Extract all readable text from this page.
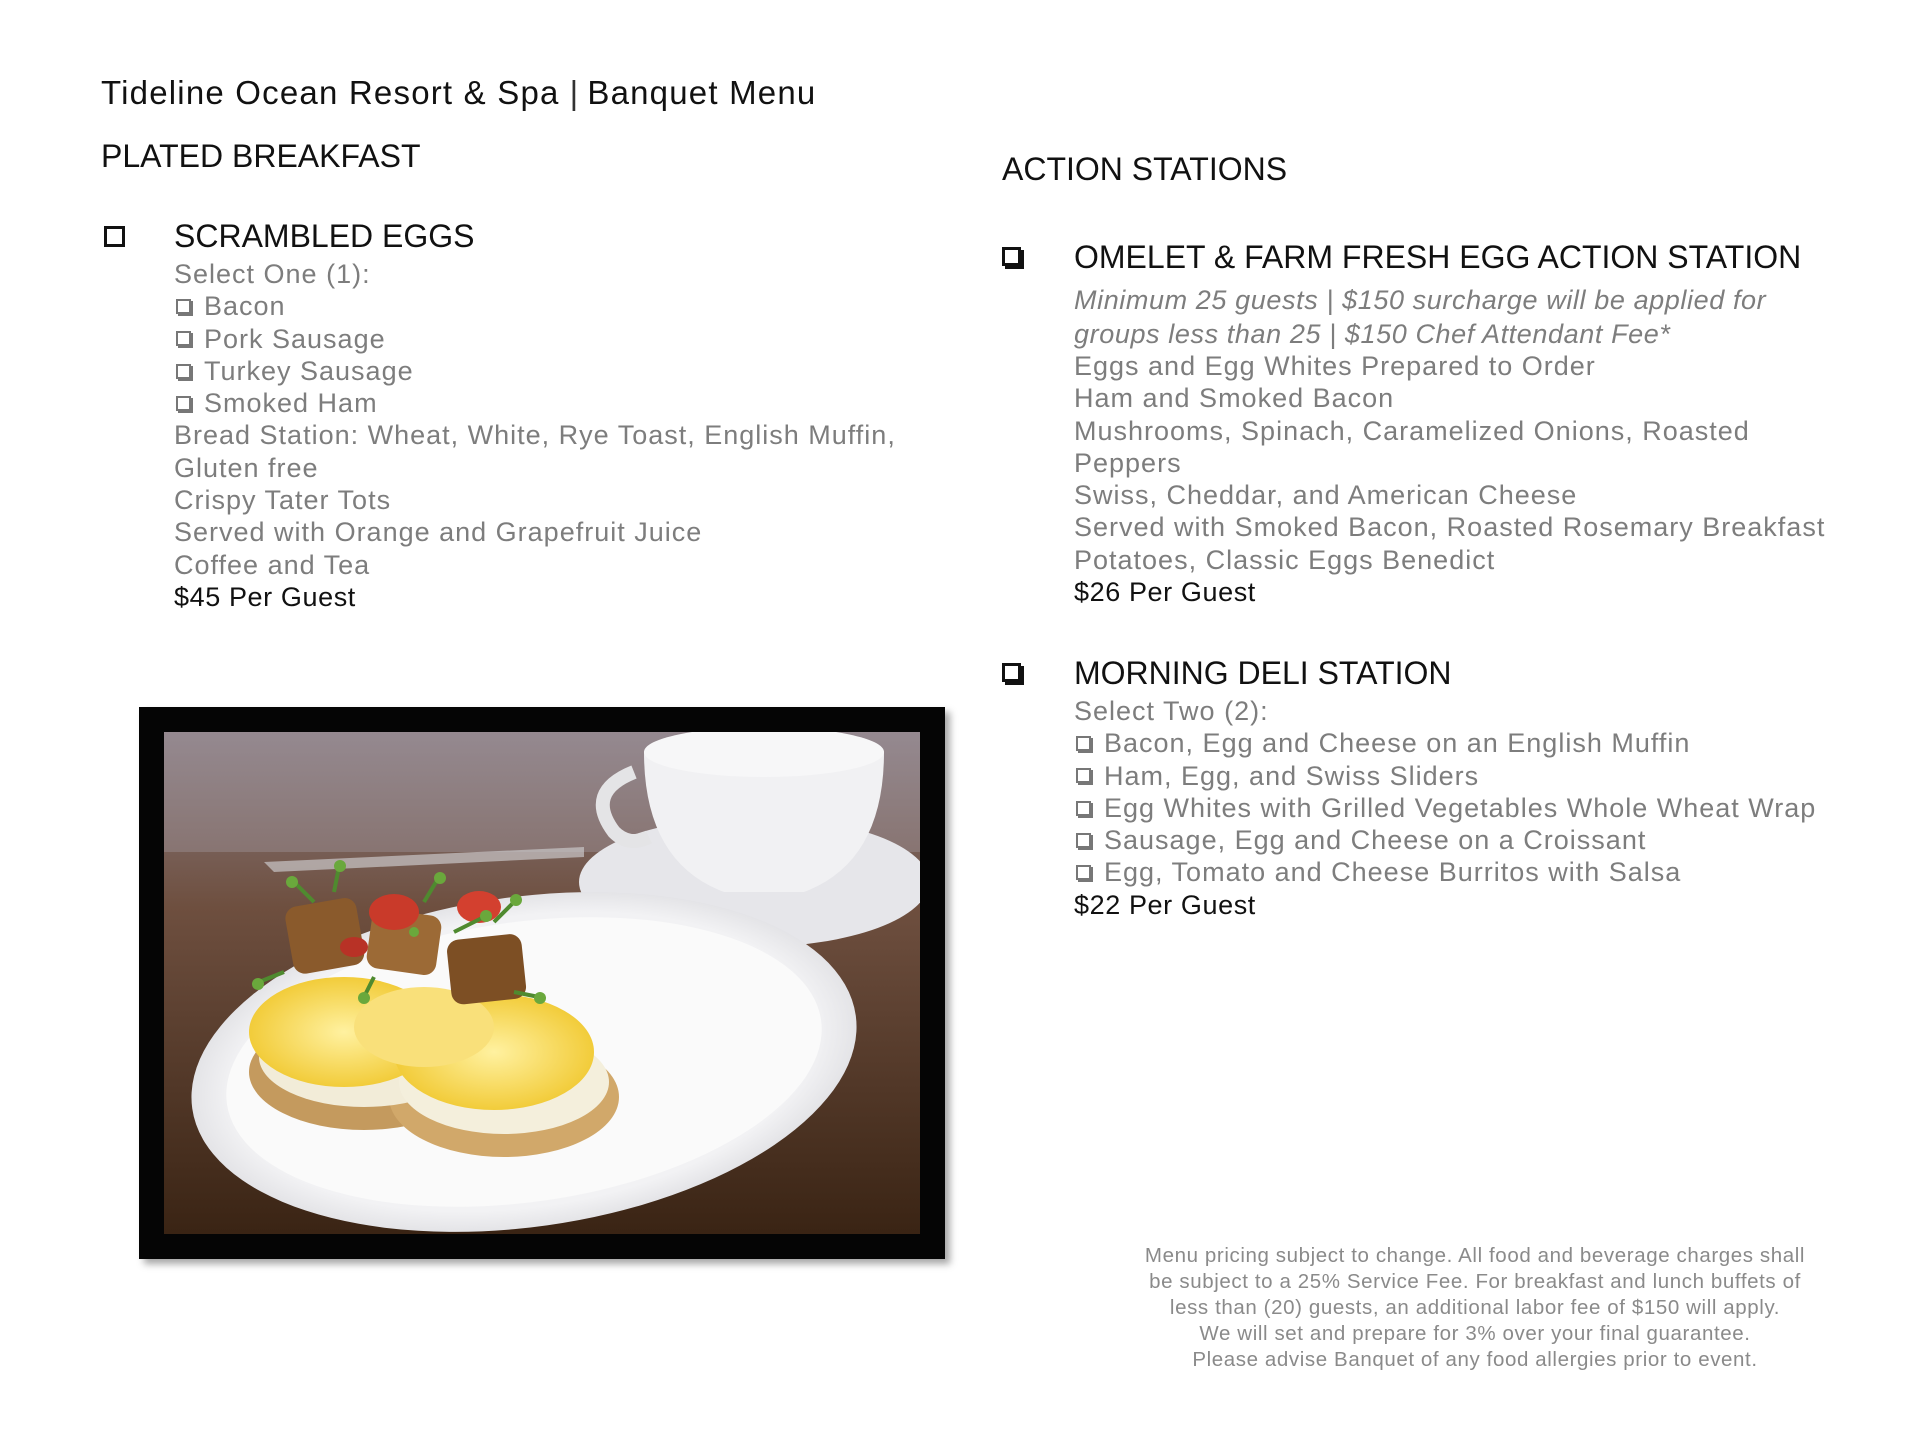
Tideline Ocean Resort & Spa | Banquet Menu
PLATED BREAKFAST
SCRAMBLED EGGS
Select One (1):
Bacon
Pork Sausage
Turkey Sausage
Smoked Ham
Bread Station: Wheat, White, Rye Toast, English Muffin,
Gluten free
Crispy Tater Tots
Served with Orange and Grapefruit Juice
Coffee and Tea
$45 Per Guest
ACTION STATIONS
OMELET & FARM FRESH EGG ACTION STATION
Minimum 25 guests | $150 surcharge will be applied for
groups less than 25 | $150 Chef Attendant Fee*
Eggs and Egg Whites Prepared to Order
Ham and Smoked Bacon
Mushrooms, Spinach, Caramelized Onions, Roasted
Peppers
Swiss, Cheddar, and American Cheese
Served with Smoked Bacon, Roasted Rosemary Breakfast
Potatoes, Classic Eggs Benedict
$26 Per Guest
MORNING DELI STATION
Select Two (2):
Bacon, Egg and Cheese on an English Muffin
Ham, Egg, and Swiss Sliders
Egg Whites with Grilled Vegetables Whole Wheat Wrap
Sausage, Egg and Cheese on a Croissant
Egg, Tomato and Cheese Burritos with Salsa
$22 Per Guest
Menu pricing subject to change. All food and beverage charges shall
be subject to a 25% Service Fee. For breakfast and lunch buffets of
less than (20) guests, an additional labor fee of $150 will apply.
We will set and prepare for 3% over your final guarantee.
Please advise Banquet of any food allergies prior to event.
